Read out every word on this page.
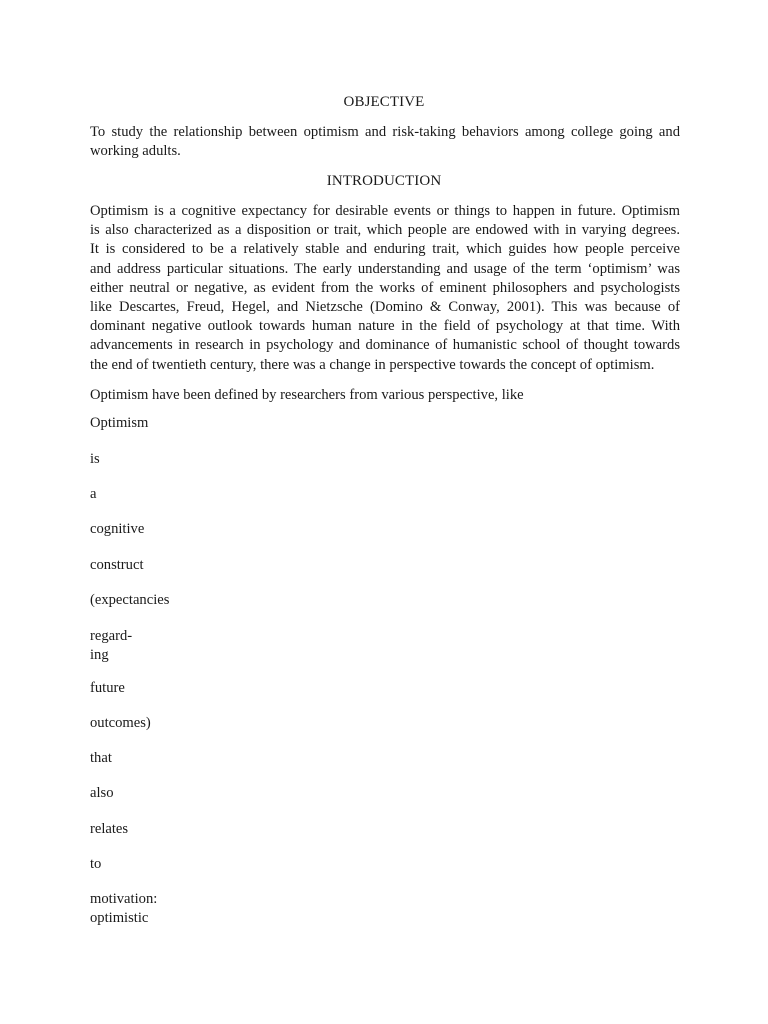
OBJECTIVE
To study the relationship between optimism and risk-taking behaviors among college going and
working adults.
INTRODUCTION
Optimism is a cognitive expectancy for desirable events or things to happen in future. Optimism
is also characterized as a disposition or trait, which people are endowed with in varying degrees.
It is considered to be a relatively stable and enduring trait, which guides how people perceive
and address particular situations. The early understanding and usage of the term ‘optimism’ was
either neutral or negative, as evident from the works of eminent philosophers and psychologists
like Descartes, Freud, Hegel, and Nietzsche (Domino & Conway, 2001). This was because of
dominant negative outlook towards human nature in the field of psychology at that time. With
advancements in research in psychology and dominance of humanistic school of thought towards
the end of twentieth century, there was a change in perspective towards the concept of optimism.
Optimism have been defined by researchers from various perspective, like
Optimism
is
a
cognitive
construct
(expectancies
regard-
ing
future
outcomes)
that
also
relates
to
motivation:
optimistic
